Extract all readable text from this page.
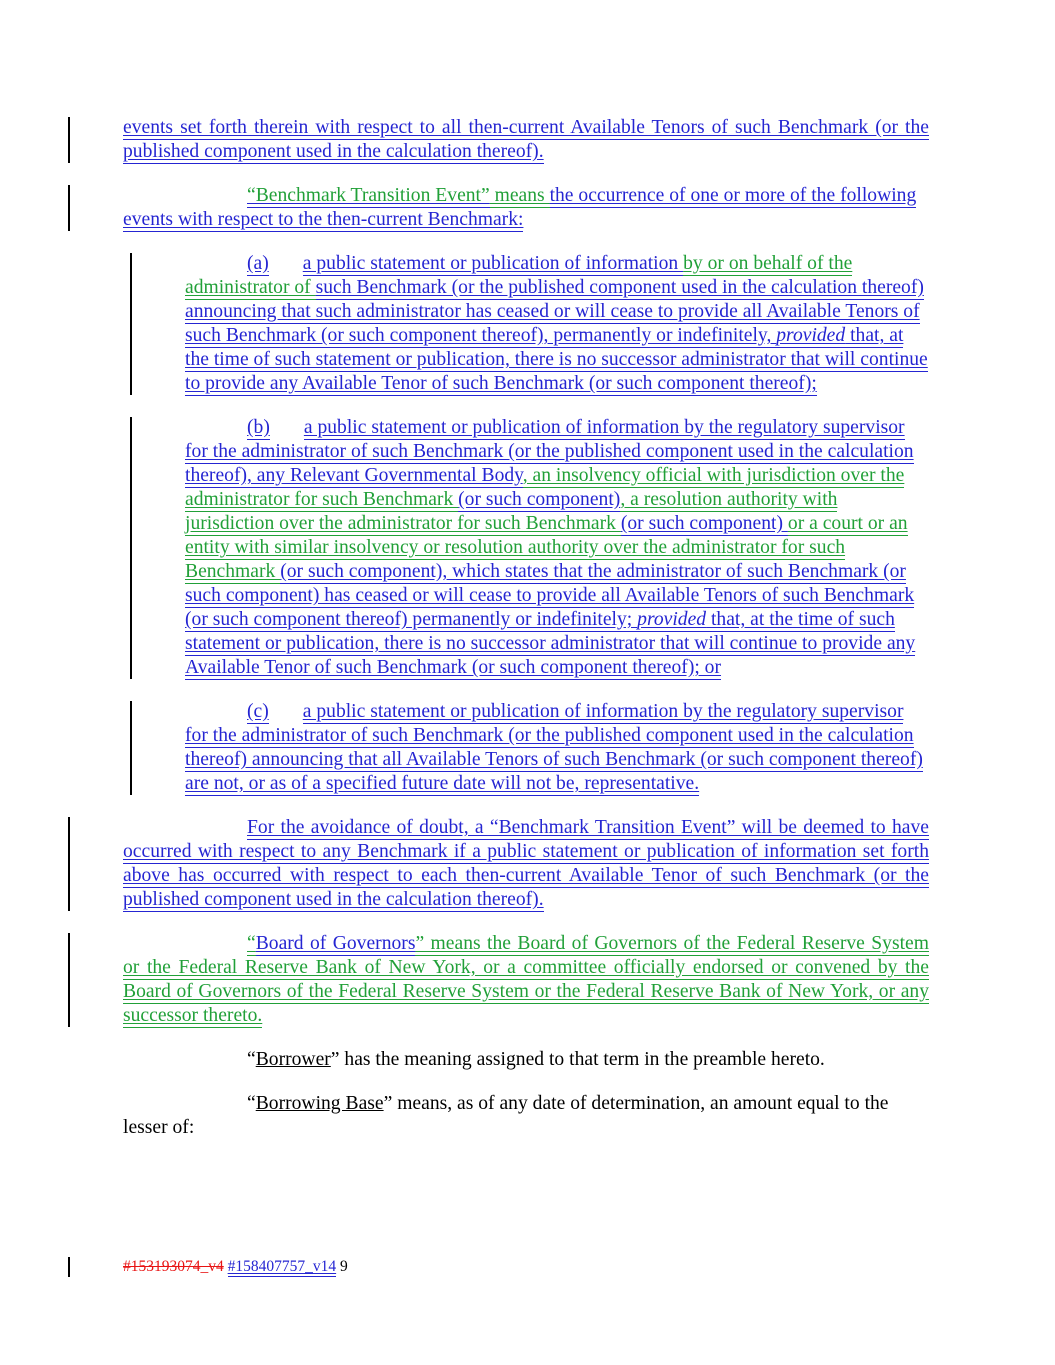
events set forth therein with respect to all then-current Available Tenors of such Benchmark (or the published component used in the calculation thereof).
“Benchmark Transition Event” means the occurrence of one or more of the following events with respect to the then-current Benchmark:
(a) a public statement or publication of information by or on behalf of the administrator of such Benchmark (or the published component used in the calculation thereof) announcing that such administrator has ceased or will cease to provide all Available Tenors of such Benchmark (or such component thereof), permanently or indefinitely, provided that, at the time of such statement or publication, there is no successor administrator that will continue to provide any Available Tenor of such Benchmark (or such component thereof);
(b) a public statement or publication of information by the regulatory supervisor for the administrator of such Benchmark (or the published component used in the calculation thereof), any Relevant Governmental Body, an insolvency official with jurisdiction over the administrator for such Benchmark (or such component), a resolution authority with jurisdiction over the administrator for such Benchmark (or such component) or a court or an entity with similar insolvency or resolution authority over the administrator for such Benchmark (or such component), which states that the administrator of such Benchmark (or such component) has ceased or will cease to provide all Available Tenors of such Benchmark (or such component thereof) permanently or indefinitely; provided that, at the time of such statement or publication, there is no successor administrator that will continue to provide any Available Tenor of such Benchmark (or such component thereof); or
(c) a public statement or publication of information by the regulatory supervisor for the administrator of such Benchmark (or the published component used in the calculation thereof) announcing that all Available Tenors of such Benchmark (or such component thereof) are not, or as of a specified future date will not be, representative.
For the avoidance of doubt, a “Benchmark Transition Event” will be deemed to have occurred with respect to any Benchmark if a public statement or publication of information set forth above has occurred with respect to each then-current Available Tenor of such Benchmark (or the published component used in the calculation thereof).
“Board of Governors” means the Board of Governors of the Federal Reserve System or the Federal Reserve Bank of New York, or a committee officially endorsed or convened by the Board of Governors of the Federal Reserve System or the Federal Reserve Bank of New York, or any successor thereto.
“Borrower” has the meaning assigned to that term in the preamble hereto.
“Borrowing Base” means, as of any date of determination, an amount equal to the lesser of:
#153193074_v4 #158407757_v14 9
